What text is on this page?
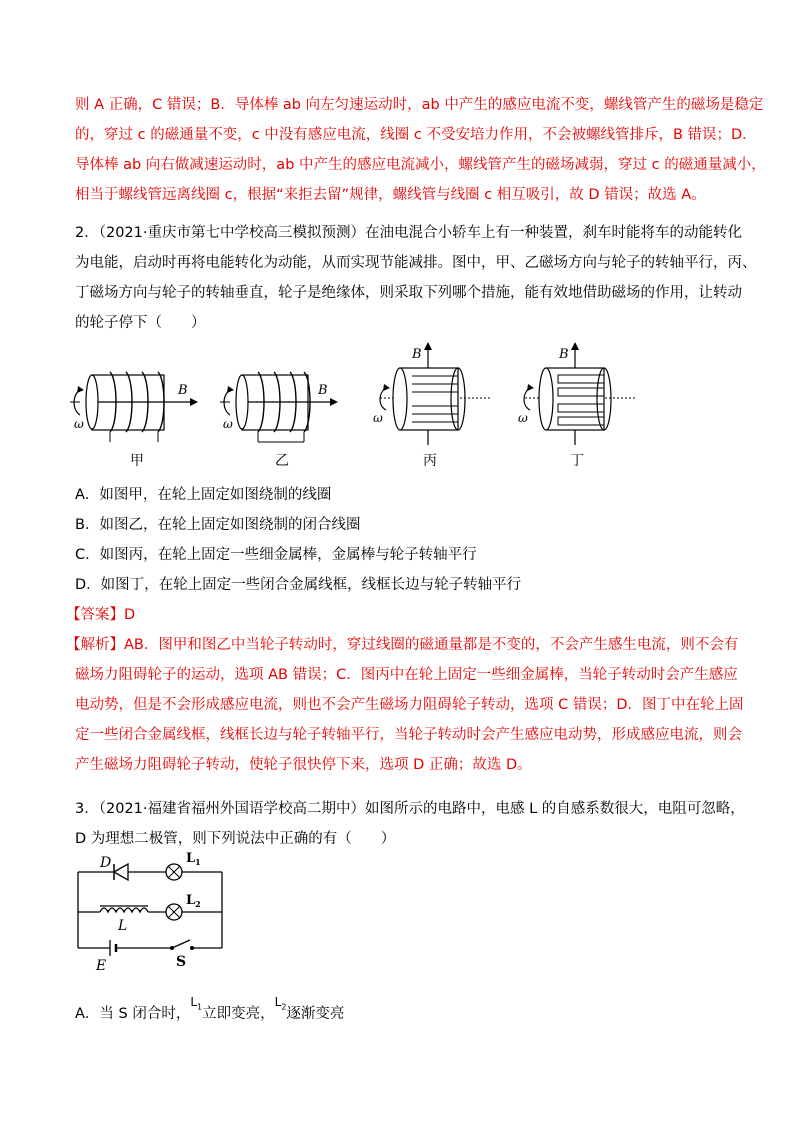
则 A 正确，C 错误；B．导体棒 ab 向左匀速运动时，ab 中产生的感应电流不变，螺线管产生的磁场是稳定
的，穿过 c 的磁通量不变，c 中没有感应电流，线圈 c 不受安培力作用，不会被螺线管排斥，B 错误；D．
导体棒 ab 向右做减速运动时，ab 中产生的感应电流减小，螺线管产生的磁场减弱，穿过 c 的磁通量减小，
相当于螺线管远离线圈 c，根据“来拒去留”规律，螺线管与线圈 c 相互吸引，故 D 错误；故选 A。
2．（2021·重庆市第七中学校高三模拟预测）在油电混合小轿车上有一种装置，刹车时能将车的动能转化
为电能，启动时再将电能转化为动能，从而实现节能减排。图中，甲、乙磁场方向与轮子的转轴平行，丙、
丁磁场方向与轮子的转轴垂直，轮子是绝缘体，则采取下列哪个措施，能有效地借助磁场的作用，让转动
的轮子停下（　　）
ω
B
ω
B
ω
B
ω
B
甲	乙	丙	丁
A．如图甲，在轮上固定如图绕制的线圈
B．如图乙，在轮上固定如图绕制的闭合线圈
C．如图丙，在轮上固定一些细金属棒，金属棒与轮子转轴平行
D．如图丁，在轮上固定一些闭合金属线框，线框长边与轮子转轴平行
【答案】D
【解析】AB．图甲和图乙中当轮子转动时，穿过线圈的磁通量都是不变的，不会产生感生电流，则不会有
磁场力阻碍轮子的运动，选项 AB 错误；C．图丙中在轮上固定一些细金属棒，当轮子转动时会产生感应
电动势，但是不会形成感应电流，则也不会产生磁场力阻碍轮子转动，选项 C 错误；D．图丁中在轮上固
定一些闭合金属线框，线框长边与轮子转轴平行，当轮子转动时会产生感应电动势，形成感应电流，则会
产生磁场力阻碍轮子转动，使轮子很快停下来，选项 D 正确；故选 D。
3．（2021·福建省福州外国语学校高二期中）如图所示的电路中，电感 L 的自感系数很大，电阻可忽略，
D 为理想二极管，则下列说法中正确的有（　　）
D	$L_1$
L
$L_2$
E	S
A．当 S 闭合时，$^{L_1}$立即变亮，$^{L_2}$逐渐变亮
